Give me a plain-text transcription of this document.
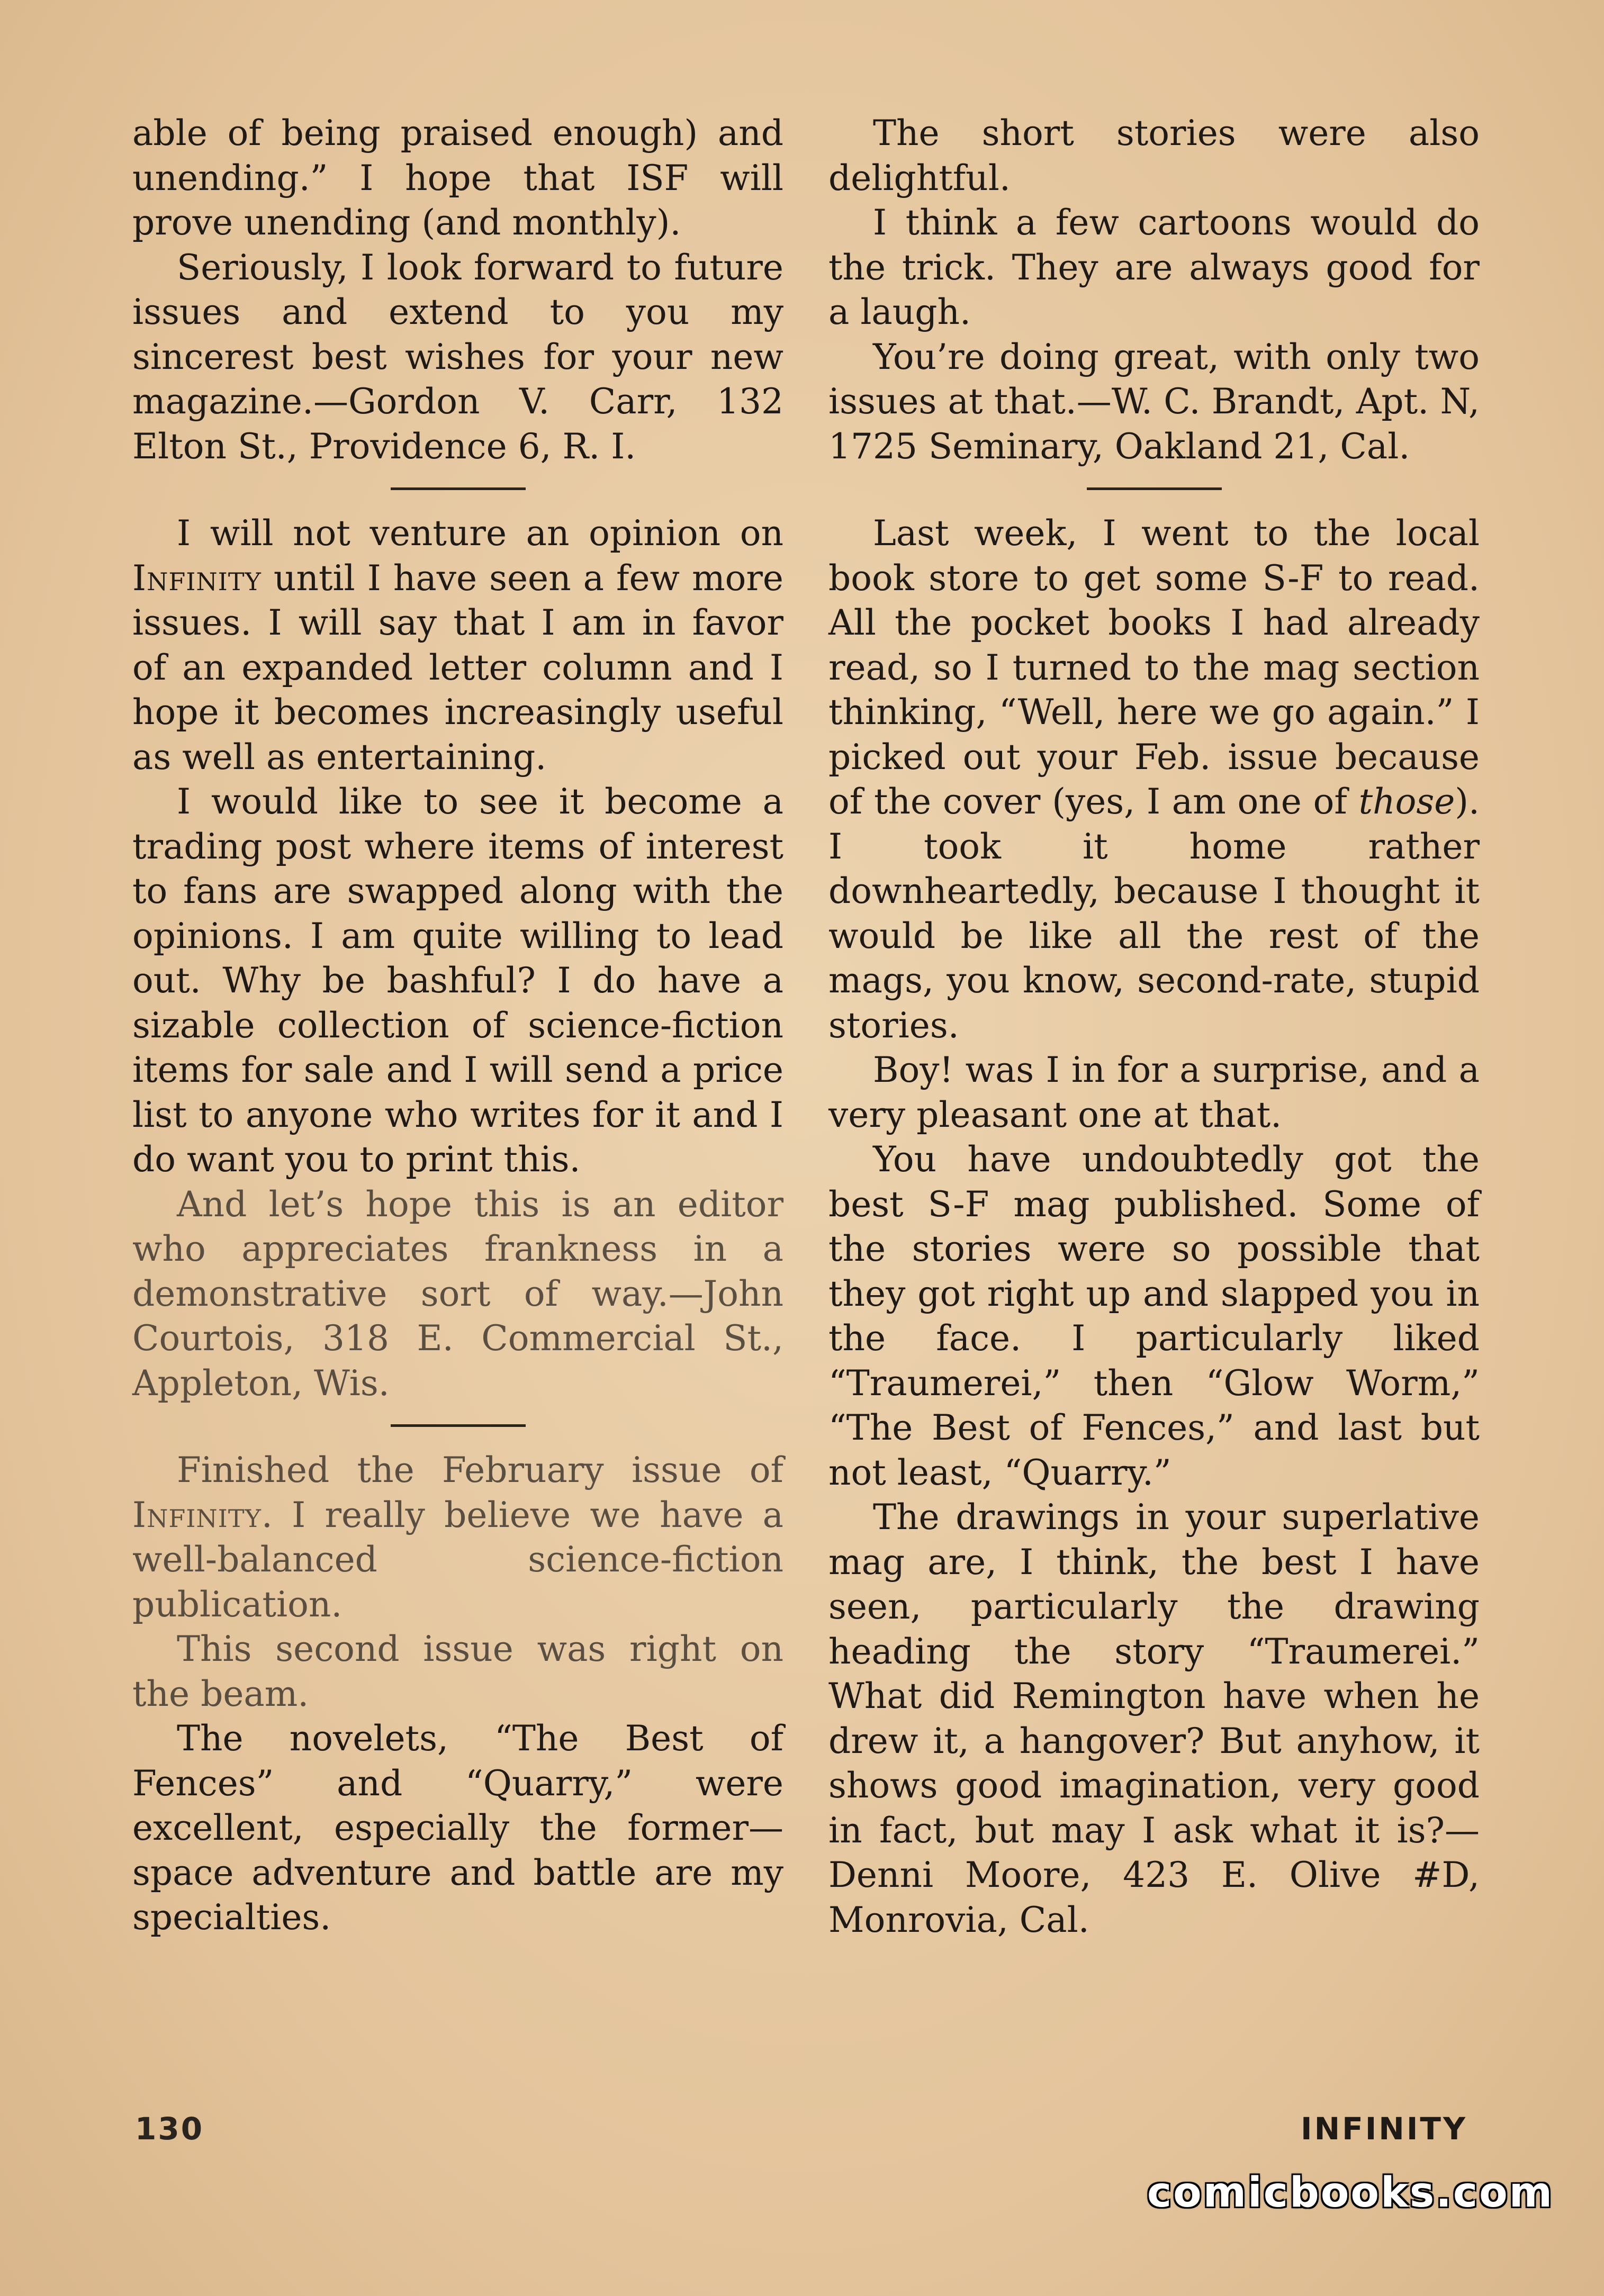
able of being praised enough) and unending.” I hope that ISF will prove unending (and monthly).

Seriously, I look forward to future issues and extend to you my sincerest best wishes for your new magazine.—Gordon V. Carr, 132 Elton St., Providence 6, R. I.

I will not venture an opinion on Infinity until I have seen a few more issues. I will say that I am in favor of an expanded letter column and I hope it becomes increasingly useful as well as entertaining.

I would like to see it become a trading post where items of interest to fans are swapped along with the opinions. I am quite willing to lead out. Why be bashful? I do have a sizable collection of science-fiction items for sale and I will send a price list to anyone who writes for it and I do want you to print this.

And let’s hope this is an editor who appreciates frankness in a demonstrative sort of way.—John Courtois, 318 E. Commercial St., Appleton, Wis.

Finished the February issue of Infinity. I really believe we have a well-balanced science-fiction publication.

This second issue was right on the beam.

The novelets, “The Best of Fences” and “Quarry,” were excellent, especially the former—space adventure and battle are my specialties.

The short stories were also delightful.

I think a few cartoons would do the trick. They are always good for a laugh.

You’re doing great, with only two issues at that.—W. C. Brandt, Apt. N, 1725 Seminary, Oakland 21, Cal.

Last week, I went to the local book store to get some S-F to read. All the pocket books I had already read, so I turned to the mag section thinking, “Well, here we go again.” I picked out your Feb. issue because of the cover (yes, I am one of those). I took it home rather downheartedly, because I thought it would be like all the rest of the mags, you know, second-rate, stupid stories.

Boy! was I in for a surprise, and a very pleasant one at that.

You have undoubtedly got the best S-F mag published. Some of the stories were so possible that they got right up and slapped you in the face. I particularly liked “Traumerei,” then “Glow Worm,” “The Best of Fences,” and last but not least, “Quarry.”

The drawings in your superlative mag are, I think, the best I have seen, particularly the drawing heading the story “Traumerei.” What did Remington have when he drew it, a hangover? But anyhow, it shows good imagination, very good in fact, but may I ask what it is?—Denni Moore, 423 E. Olive #D, Monrovia, Cal.

130	INFINITY
comicbooks.com
